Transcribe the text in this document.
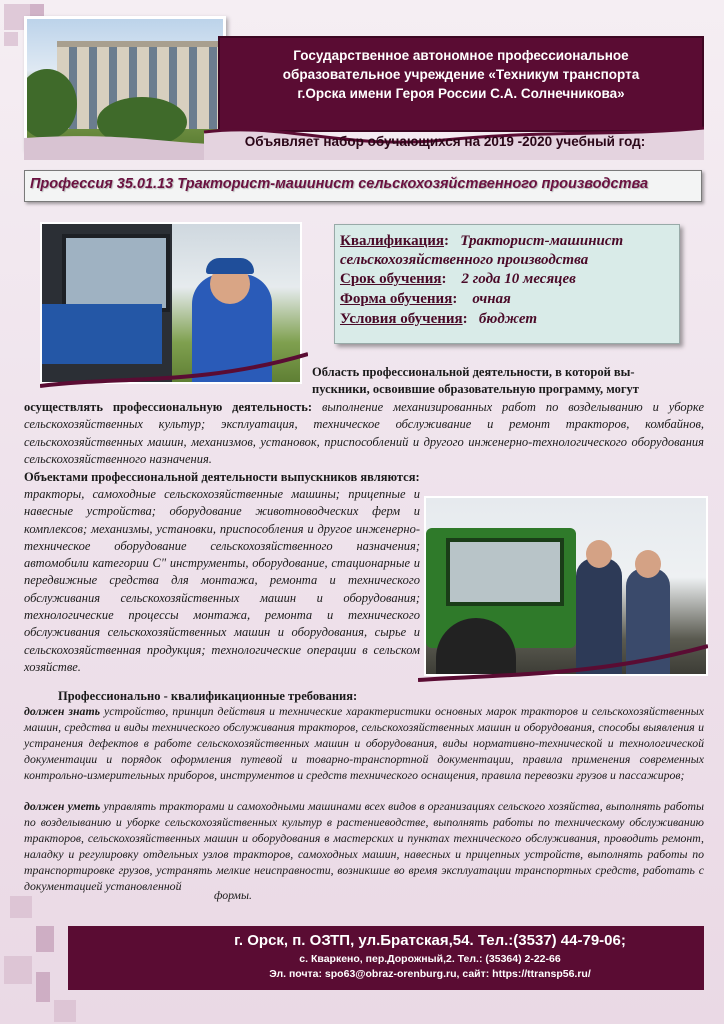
Государственное автономное профессиональное
образовательное учреждение «Техникум транспорта
г.Орска имени Героя России С.А. Солнечникова»
Объявляет набор обучающихся на 2019 -2020 учебный год:
Профессия 35.01.13 Тракторист-машинист сельскохозяйственного производства
Квалификация:   Тракторист-машинист
сельскохозяйственного производства
Срок обучения:    2 года 10 месяцев
Форма обучения:    очная
Условия обучения:   бюджет
Область профессиональной деятельности, в которой вы-
пускники, освоившие образовательную программу, могут
осуществлять профессиональную деятельность: выполнение механизированных работ по возделыванию и уборке сельскохозяйственных культур; эксплуатация, техническое обслуживание и ремонт тракторов, комбайнов, сельскохозяйственных машин, механизмов, установок, приспособлений и другого инженерно-технологического оборудования сельскохозяйственного назначения.
Объектами профессиональной деятельности выпускников являются:
тракторы, самоходные сельскохозяйственные машины; прицепные и навесные устройства; оборудование животноводческих ферм и комплексов; механизмы, установки, приспособления и другое инженерно-техническое оборудование сельскохозяйственного назначения; автомобили категории С" инструменты, оборудование, стационарные и передвижные средства для монтажа, ремонта и технического обслуживания сельскохозяйственных машин и оборудования; технологические процессы монтажа, ремонта и технического обслуживания сельскохозяйственных машин и оборудования, сырье и сельскохозяйственная продукция; технологические операции в сельском хозяйстве.
Профессионально - квалификационные требования:
должен знать устройство, принцип действия и технические характеристики основных марок тракторов и сельскохозяйственных машин, средства и виды технического обслуживания тракторов, сельскохозяйственных машин и оборудования, способы выявления и устранения дефектов в работе сельскохозяйственных машин и оборудования, виды нормативно-технической и технологической документации и порядок оформления путевой и товарно-транспортной документации, правила применения современных контрольно-измерительных приборов, инструментов и средств технического оснащения, правила перевозки грузов и пассажиров;
должен уметь управлять тракторами и самоходными машинами всех видов в организациях сельского хозяйства, выполнять работы по возделыванию и уборке сельскохозяйственных культур в растениеводстве, выполнять работы по техническому обслуживанию тракторов, сельскохозяйственных машин и оборудования в мастерских и пунктах технического обслуживания, проводить ремонт, наладку и регулировку отдельных узлов тракторов, самоходных машин, навесных и прицепных устройств, выполнять работы по транспортировке грузов, устранять мелкие неисправности, возникшие во время эксплуатации транспортных средств, работать с документацией установленной
формы.
г. Орск, п. ОЗТП, ул.Братская,54. Тел.:(3537) 44-79-06;
с. Кваркено, пер.Дорожный,2. Тел.: (35364) 2-22-66
Эл. почта: spo63@obraz-orenburg.ru, сайт: https://ttransp56.ru/
